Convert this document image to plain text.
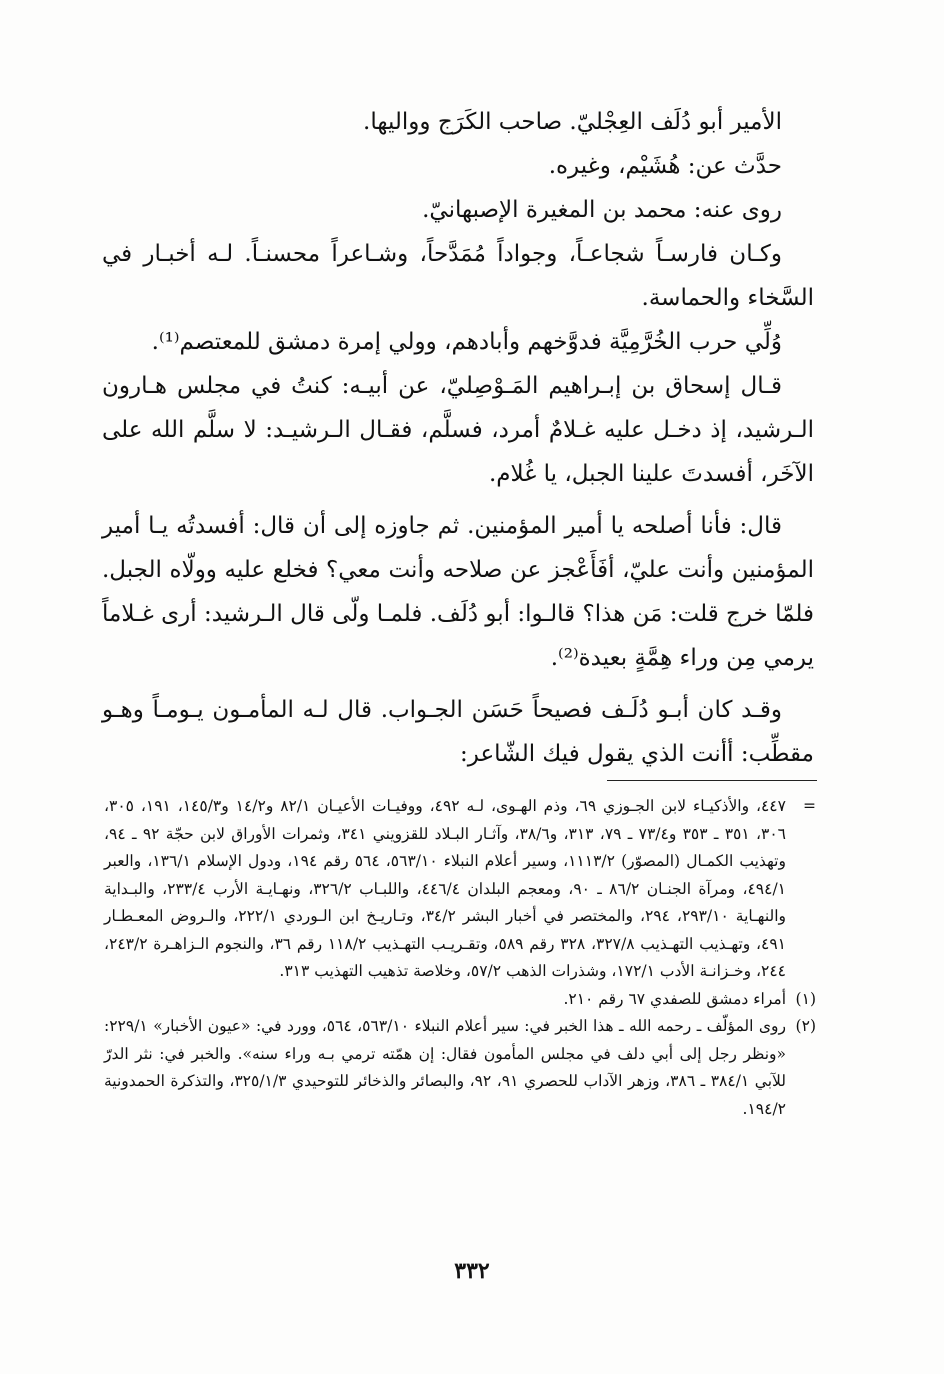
الأمير أبو دُلَف العِجْليّ. صاحب الكَرَج وواليها.

حدَّث عن: هُشَيْم، وغيره.

روى عنه: محمد بن المغيرة الإصبهانيّ.

وكـان فارسـاً شجاعـاً، وجواداً مُمَدَّحاً، وشـاعراً محسنـاً. لـه أخبـار في السَّخاء والحماسة.

وُلِّي حرب الخُرَّمِيَّة فدوَّخهم وأبادهم، وولي إمرة دمشق للمعتصم⁽¹⁾.

قـال إسحاق بن إبـراهيم المَـوْصِليّ، عن أبيـه: كنتُ في مجلس هـارون الـرشيد، إذ دخـل عليه غـلامٌ أمرد، فسلَّم، فقـال الـرشيـد: لا سلَّم الله على الآخَر، أفسدتَ علينا الجبل، يا غُلام.

قال: فأنا أصلحه يا أمير المؤمنين. ثم جاوزه إلى أن قال: أفسدتُه يـا أمير المؤمنين وأنت عليّ، أفَأَعْجز عن صلاحه وأنت معي؟ فخلع عليه وولّاه الجبل. فلمّا خرج قلت: مَن هذا؟ قالـوا: أبو دُلَف. فلمـا ولّى قال الـرشيد: أرى غـلاماً يرمي مِن وراء هِمَّةٍ بعيدة⁽²⁾.

وقـد كان أبـو دُلَـف فصيحاً حَسَن الجـواب. قال لـه المأمـون يـومـاً وهـو مقطِّب: أأنت الذي يقول فيك الشّاعر:

=
٤٤٧، والأذكيـاء لابن الجـوزي ٦٩، وذم الهـوى، لـه ٤٩٢، ووفيـات الأعيـان ٨٢/١ و١٤/٢ و١٤٥/٣، ١٩١، ٣٠٥، ٣٠٦، ٣٥١ ـ ٣٥٣ و٧٣/٤ ـ ٧٩، ٣١٣، و٣٨/٦، وآثـار البـلاد للقزويني ٣٤١، وثمرات الأوراق لابن حجّة ٩٢ ـ ٩٤، وتهذيب الكمـال (المصوّر) ١١١٣/٢، وسير أعلام النبلاء ٥٦٣/١٠، ٥٦٤ رقم ١٩٤، ودول الإسلام ١٣٦/١، والعبر ٤٩٤/١، ومرآة الجنـان ٨٦/٢ ـ ٩٠، ومعجم البلدان ٤٤٦/٤، واللبـاب ٣٢٦/٢، ونهـايـة الأرب ٢٣٣/٤، والبـداية والنهـاية ٢٩٣/١٠، ٢٩٤، والمختصر في أخبار البشر ٣٤/٢، وتـاريـخ ابن الـوردي ٢٢٢/١، والـروض المعـطـار ٤٩١، وتهـذيب التهـذيب ٣٢٧/٨، ٣٢٨ رقم ٥٨٩، وتقـريـب التهـذيب ١١٨/٢ رقم ٣٦، والنجوم الـزاهـرة ٢٤٣/٢، ٢٤٤، وخـزانـة الأدب ١٧٢/١، وشذرات الذهب ٥٧/٢، وخلاصة تذهيب التهذيب ٣١٣.
(١)
أمراء دمشق للصفدي ٦٧ رقم ٢١٠.
(٢)
روى المؤلّف ـ رحمه الله ـ هذا الخبر في: سير أعلام النبلاء ٥٦٣/١٠، ٥٦٤، وورد في: «عيون الأخبار» ٢٢٩/١: «ونظر رجل إلى أبي دلف في مجلس المأمون فقال: إن همّته ترمي بـه وراء سنه». والخبر في: نثر الدرّ للآبي ٣٨٤/١ ـ ٣٨٦، وزهر الآداب للحصري ٩١، ٩٢، والبصائر والذخائر للتوحيدي ٣٢٥/١/٣، والتذكرة الحمدونية ١٩٤/٢.
٣٣٢
